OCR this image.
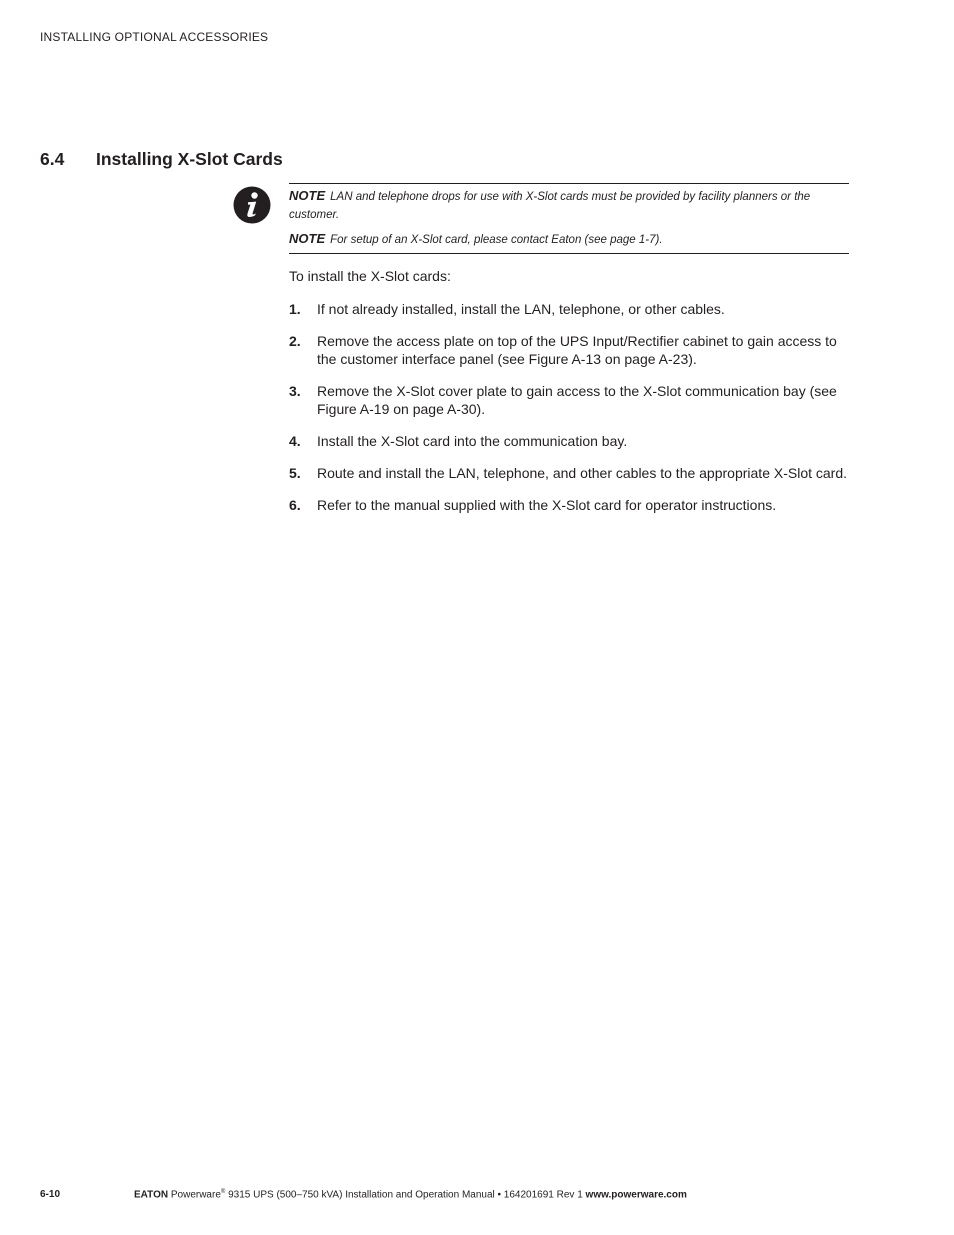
INSTALLING OPTIONAL ACCESSORIES
6.4 Installing X-Slot Cards
NOTE LAN and telephone drops for use with X-Slot cards must be provided by facility planners or the customer.
NOTE For setup of an X-Slot card, please contact Eaton (see page 1-7).

To install the X-Slot cards:

1.	If not already installed, install the LAN, telephone, or other cables.
2.	Remove the access plate on top of the UPS Input/Rectifier cabinet to gain access to the customer interface panel (see Figure A-13 on page A-23).
3.	Remove the X-Slot cover plate to gain access to the X-Slot communication bay (see Figure A-19 on page A-30).
4.	Install the X-Slot card into the communication bay.
5.	Route and install the LAN, telephone, and other cables to the appropriate X-Slot card.
6.	Refer to the manual supplied with the X-Slot card for operator instructions.
6-10	EATON Powerware® 9315 UPS (500–750 kVA) Installation and Operation Manual • 164201691 Rev 1 www.powerware.com
